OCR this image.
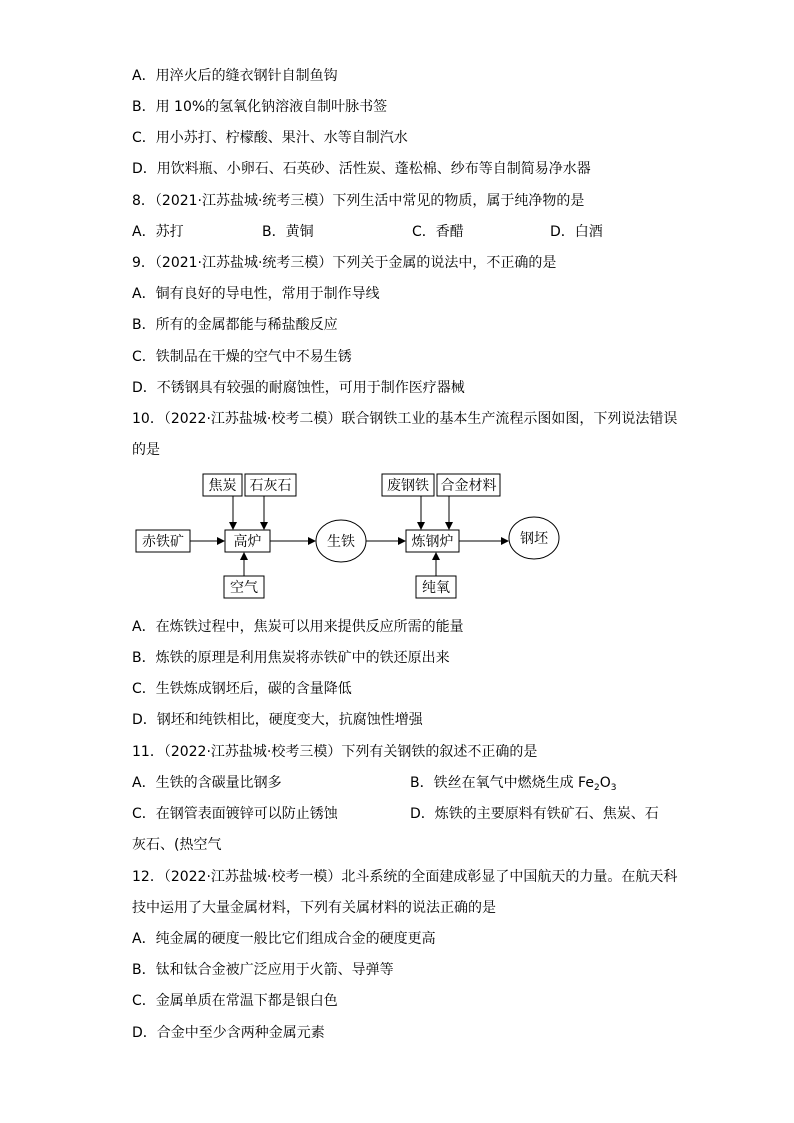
A．用淬火后的缝衣钢针自制鱼钩
B．用 10%的氢氧化钠溶液自制叶脉书签
C．用小苏打、柠檬酸、果汁、水等自制汽水
D．用饮料瓶、小卵石、石英砂、活性炭、蓬松棉、纱布等自制简易净水器
8．（2021·江苏盐城·统考三模）下列生活中常见的物质，属于纯净物的是
A．苏打	B．黄铜	C．香醋	D．白酒
9．（2021·江苏盐城·统考三模）下列关于金属的说法中，不正确的是
A．铜有良好的导电性，常用于制作导线
B．所有的金属都能与稀盐酸反应
C．铁制品在干燥的空气中不易生锈
D．不锈钢具有较强的耐腐蚀性，可用于制作医疗器械
10．（2022·江苏盐城·校考二模）联合钢铁工业的基本生产流程示图如图，下列说法错误
的是
焦炭 石灰石
赤铁矿	高炉
空气
生铁
废钢铁 合金材料
炼钢炉
纯氧
钢坯
A．在炼铁过程中，焦炭可以用来提供反应所需的能量
B．炼铁的原理是利用焦炭将赤铁矿中的铁还原出来
C．生铁炼成钢坯后，碳的含量降低
D．钢坯和纯铁相比，硬度变大，抗腐蚀性增强
11．（2022·江苏盐城·校考三模）下列有关钢铁的叙述不正确的是
A．生铁的含碳量比钢多	B．铁丝在氧气中燃烧生成 $Fe_2O_3$
C．在钢管表面镀锌可以防止锈蚀	D．炼铁的主要原料有铁矿石、焦炭、石
灰石、(热空气
12．（2022·江苏盐城·校考一模）北斗系统的全面建成彰显了中国航天的力量。在航天科
技中运用了大量金属材料，下列有关属材料的说法正确的是
A．纯金属的硬度一般比它们组成合金的硬度更高
B．钛和钛合金被广泛应用于火箭、导弹等
C．金属单质在常温下都是银白色
D．合金中至少含两种金属元素
